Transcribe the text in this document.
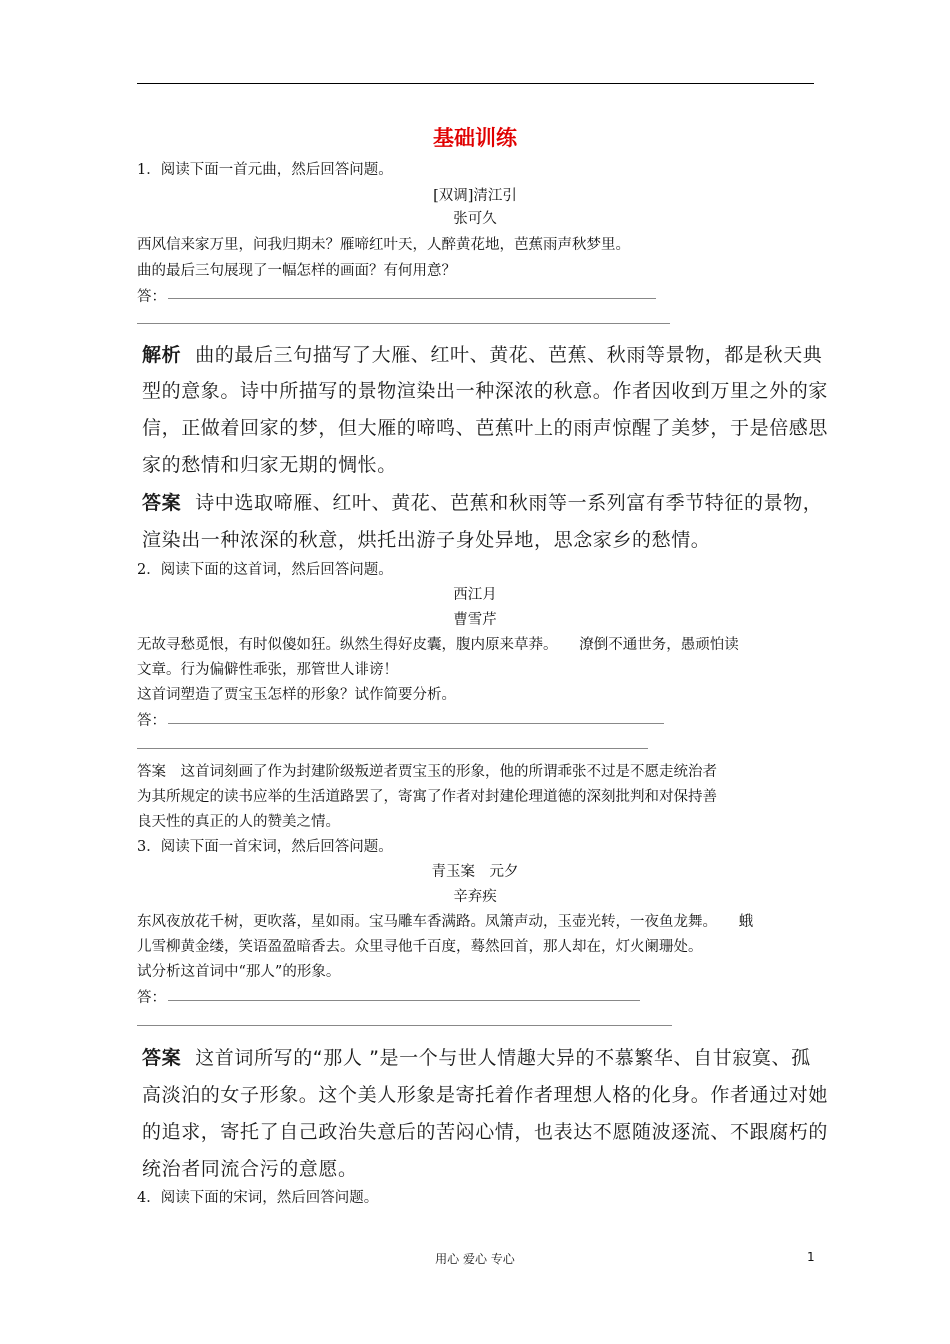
基础训练
1．阅读下面一首元曲，然后回答问题。
[双调]清江引
张可久
西风信来家万里，问我归期未？雁啼红叶天，人醉黄花地，芭蕉雨声秋梦里。
曲的最后三句展现了一幅怎样的画面？有何用意？
答：
解析 曲的最后三句描写了大雁、红叶、黄花、芭蕉、秋雨等景物，都是秋天典
型的意象。诗中所描写的景物渲染出一种深浓的秋意。作者因收到万里之外的家
信，正做着回家的梦，但大雁的啼鸣、芭蕉叶上的雨声惊醒了美梦，于是倍感思
家的愁情和归家无期的惆怅。
答案 诗中选取啼雁、红叶、黄花、芭蕉和秋雨等一系列富有季节特征的景物，
渲染出一种浓深的秋意，烘托出游子身处异地，思念家乡的愁情。
2．阅读下面的这首词，然后回答问题。
西江月
曹雪芹
无故寻愁觅恨，有时似傻如狂。纵然生得好皮囊，腹内原来草莽。　　潦倒不通世务，愚顽怕读
文章。行为偏僻性乖张，那管世人诽谤！
这首词塑造了贾宝玉怎样的形象？试作简要分析。
答：
答案　这首词刻画了作为封建阶级叛逆者贾宝玉的形象，他的所谓乖张不过是不愿走统治者
为其所规定的读书应举的生活道路罢了，寄寓了作者对封建伦理道德的深刻批判和对保持善
良天性的真正的人的赞美之情。
3．阅读下面一首宋词，然后回答问题。
青玉案　元夕
辛弃疾
东风夜放花千树，更吹落，星如雨。宝马雕车香满路。凤箫声动，玉壶光转，一夜鱼龙舞。　　蛾
儿雪柳黄金缕，笑语盈盈暗香去。众里寻他千百度，蓦然回首，那人却在，灯火阑珊处。
试分析这首词中“那人”的形象。
答：
答案 这首词所写的“那人 ”是一个与世人情趣大异的不慕繁华、自甘寂寞、孤
高淡泊的女子形象。这个美人形象是寄托着作者理想人格的化身。作者通过对她
的追求，寄托了自己政治失意后的苦闷心情，也表达不愿随波逐流、不跟腐朽的
统治者同流合污的意愿。
4．阅读下面的宋词，然后回答问题。
用心 爱心 专心	1
